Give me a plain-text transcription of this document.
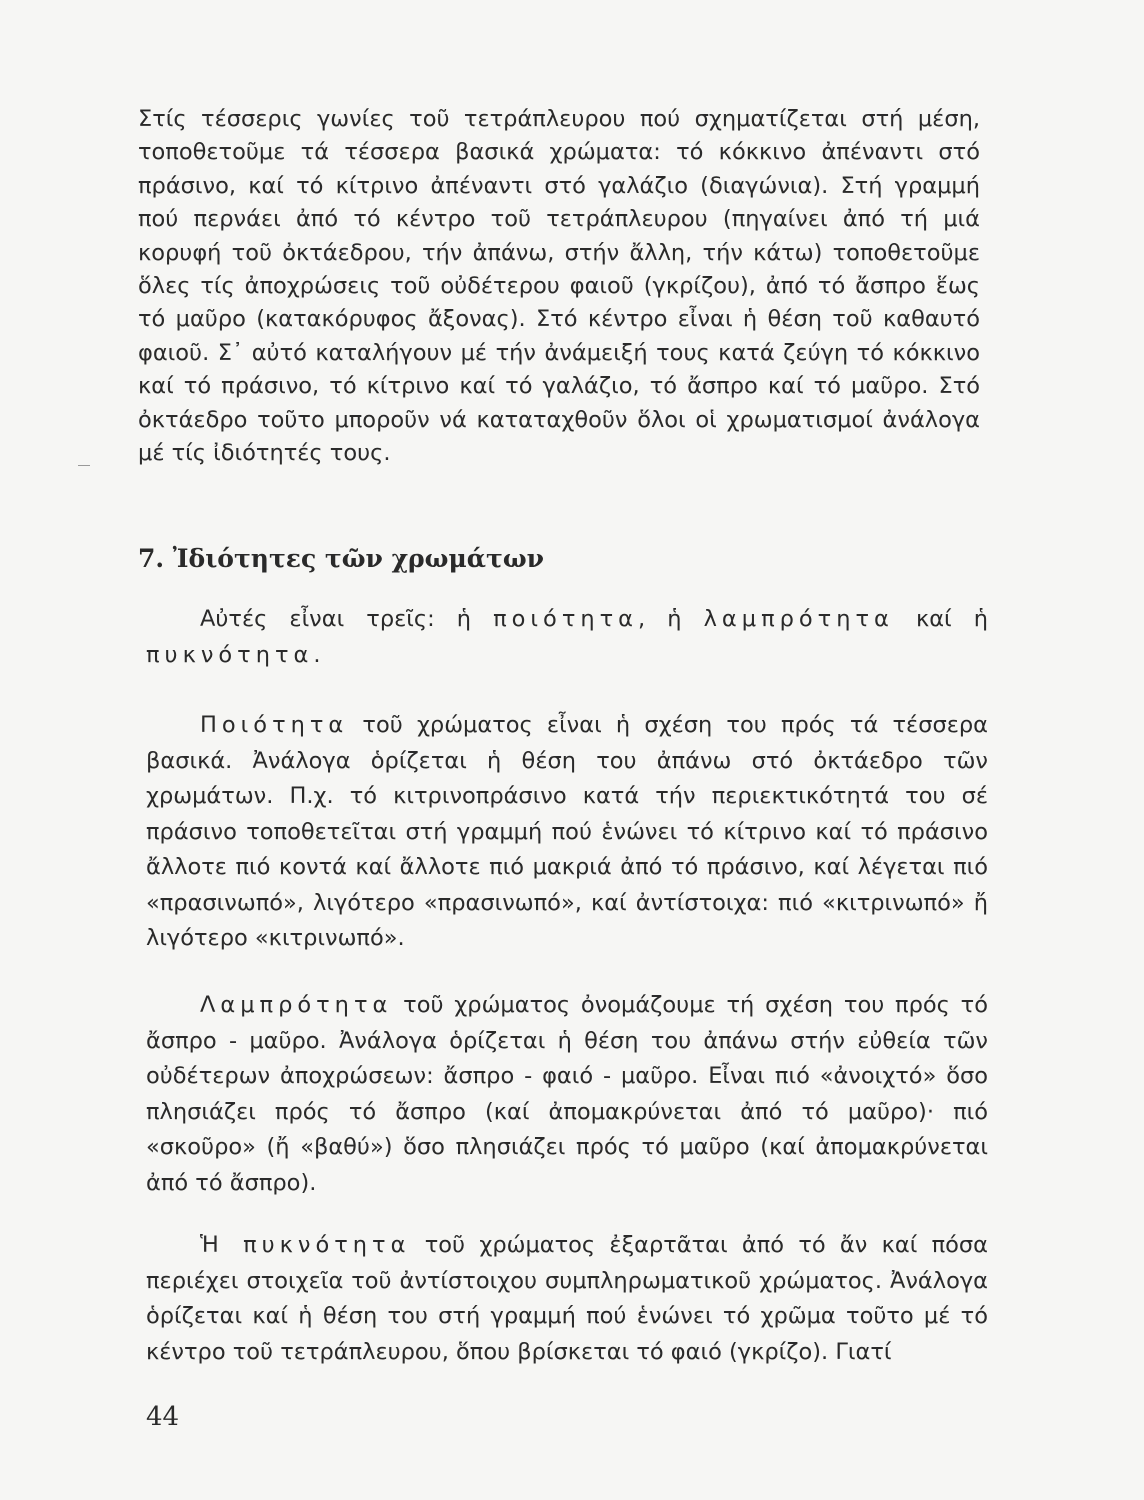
Στίς τέσσερις γωνίες τοῦ τετράπλευρου πού σχηματίζεται στή μέση, τοποθετοῦμε τά τέσσερα βασικά χρώματα: τό κόκκινο ἀπέναντι στό πράσινο, καί τό κίτρινο ἀπέναντι στό γαλάζιο (διαγώνια). Στή γραμμή πού περνάει ἀπό τό κέντρο τοῦ τετράπλευρου (πηγαίνει ἀπό τή μιά κορυφή τοῦ ὀκτάεδρου, τήν ἀπάνω, στήν ἄλλη, τήν κάτω) τοποθετοῦμε ὅλες τίς ἀποχρώσεις τοῦ οὐδέτερου φαιοῦ (γκρίζου), ἀπό τό ἄσπρο ἕως τό μαῦρο (κατακόρυφος ἄξονας). Στό κέντρο εἶναι ἡ θέση τοῦ καθαυτό φαιοῦ. Σ᾽ αὐτό καταλήγουν μέ τήν ἀνάμειξή τους κατά ζεύγη τό κόκκινο καί τό πράσινο, τό κίτρινο καί τό γαλάζιο, τό ἄσπρο καί τό μαῦρο. Στό ὀκτάεδρο τοῦτο μποροῦν νά καταταχθοῦν ὅλοι οἱ χρωματισμοί ἀνάλογα μέ τίς ἰδιότητές τους.

7. Ἰδιότητες τῶν χρωμάτων

Αὐτές εἶναι τρεῖς: ἡ ποιότητα, ἡ λαμπρότητα καί ἡ πυκνότητα.

Ποιότητα τοῦ χρώματος εἶναι ἡ σχέση του πρός τά τέσσερα βασικά. Ἀνάλογα ὁρίζεται ἡ θέση του ἀπάνω στό ὀκτάεδρο τῶν χρωμάτων. Π.χ. τό κιτρινοπράσινο κατά τήν περιεκτικότητά του σέ πράσινο τοποθετεῖται στή γραμμή πού ἑνώνει τό κίτρινο καί τό πράσινο ἄλλοτε πιό κοντά καί ἄλλοτε πιό μακριά ἀπό τό πράσινο, καί λέγεται πιό «πρασινωπό», λιγότερο «πρασινωπό», καί ἀντίστοιχα: πιό «κιτρινωπό» ἤ λιγότερο «κιτρινωπό».

Λαμπρότητα τοῦ χρώματος ὀνομάζουμε τή σχέση του πρός τό ἄσπρο - μαῦρο. Ἀνάλογα ὁρίζεται ἡ θέση του ἀπάνω στήν εὐθεία τῶν οὐδέτερων ἀποχρώσεων: ἄσπρο - φαιό - μαῦρο. Εἶναι πιό «ἀνοιχτό» ὅσο πλησιάζει πρός τό ἄσπρο (καί ἀπομακρύνεται ἀπό τό μαῦρο)· πιό «σκοῦρο» (ἤ «βαθύ») ὅσο πλησιάζει πρός τό μαῦρο (καί ἀπομακρύνεται ἀπό τό ἄσπρο).

Ἡ πυκνότητα τοῦ χρώματος ἐξαρτᾶται ἀπό τό ἄν καί πόσα περιέχει στοιχεῖα τοῦ ἀντίστοιχου συμπληρωματικοῦ χρώματος. Ἀνάλογα ὁρίζεται καί ἡ θέση του στή γραμμή πού ἑνώνει τό χρῶμα τοῦτο μέ τό κέντρο τοῦ τετράπλευρου, ὅπου βρίσκεται τό φαιό (γκρίζο). Γιατί

44
